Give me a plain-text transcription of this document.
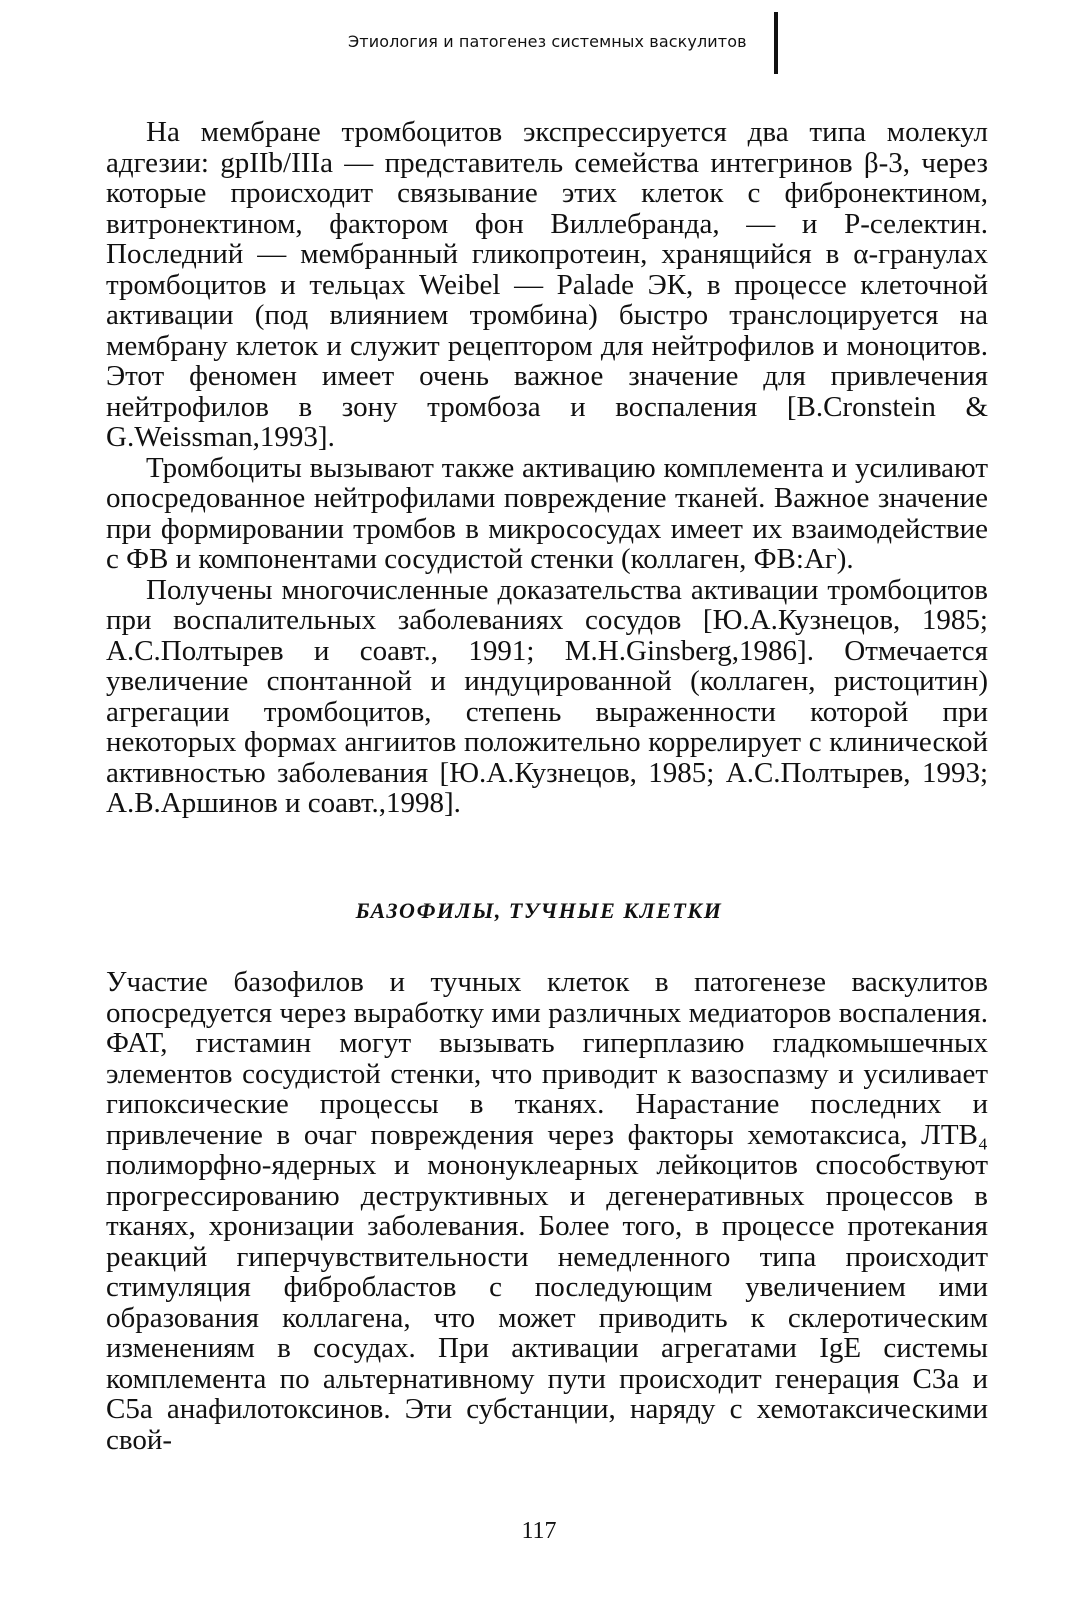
Этиология и патогенез системных васкулитов

На мембране тромбоцитов экспрессируется два типа молекул адгезии: gpIIb/IIIa — представитель семейства интегринов β-3, через которые происходит связывание этих клеток с фибронектином, витронектином, фактором фон Виллебранда, — и Р-селектин. Последний — мембранный гликопротеин, хранящийся в α-гранулах тромбоцитов и тельцах Weibel — Palade ЭК, в процессе клеточной активации (под влиянием тромбина) быстро транслоцируется на мембрану клеток и служит рецептором для нейтрофилов и моноцитов. Этот феномен имеет очень важное значение для привлечения нейтрофилов в зону тромбоза и воспаления [B.Cronstein & G.Weissman,1993].

Тромбоциты вызывают также активацию комплемента и усиливают опосредованное нейтрофилами повреждение тканей. Важное значение при формировании тромбов в микрососудах имеет их взаимодействие с ФВ и компонентами сосудистой стенки (коллаген, ФВ:Аг).

Получены многочисленные доказательства активации тромбоцитов при воспалительных заболеваниях сосудов [Ю.А.Кузнецов, 1985; А.С.Полтырев и соавт., 1991; M.H.Ginsberg,1986]. Отмечается увеличение спонтанной и индуцированной (коллаген, ристоцитин) агрегации тромбоцитов, степень выраженности которой при некоторых формах ангиитов положительно коррелирует с клинической активностью заболевания [Ю.А.Кузнецов, 1985; А.С.Полтырев, 1993; А.В.Аршинов и соавт.,1998].

БАЗОФИЛЫ, ТУЧНЫЕ КЛЕТКИ

Участие базофилов и тучных клеток в патогенезе васкулитов опосредуется через выработку ими различных медиаторов воспаления. ФАТ, гистамин могут вызывать гиперплазию гладкомышечных элементов сосудистой стенки, что приводит к вазоспазму и усиливает гипоксические процессы в тканях. Нарастание последних и привлечение в очаг повреждения через факторы хемотаксиса, ЛТВ₄ полиморфно-ядерных и мононуклеарных лейкоцитов способствуют прогрессированию деструктивных и дегенеративных процессов в тканях, хронизации заболевания. Более того, в процессе протекания реакций гиперчувствительности немедленного типа происходит стимуляция фибробластов с последующим увеличением ими образования коллагена, что может приводить к склеротическим изменениям в сосудах. При активации агрегатами IgE системы комплемента по альтернативному пути происходит генерация С3а и С5а анафилотоксинов. Эти субстанции, наряду с хемотаксическими свой-

117
